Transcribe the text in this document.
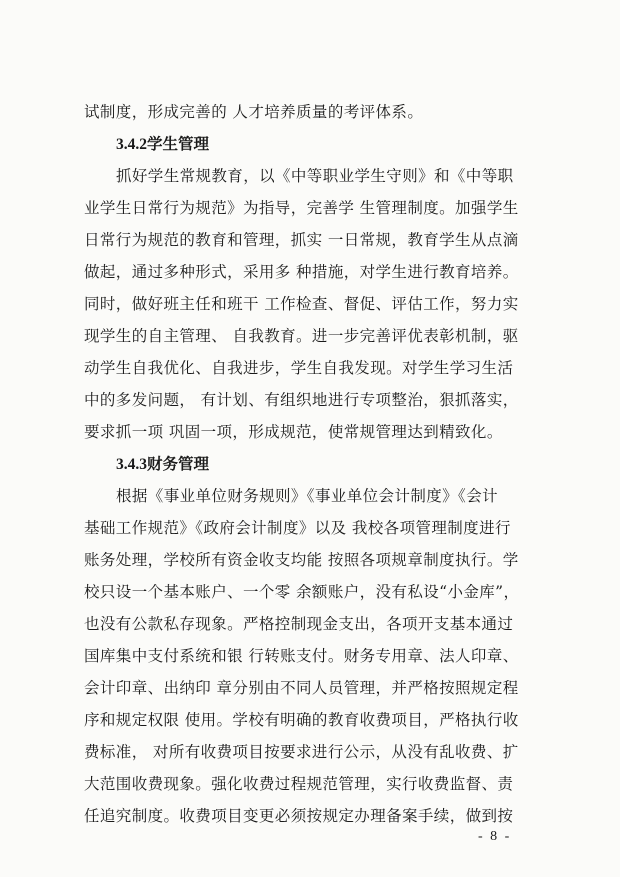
试制度，形成完善的 人才培养质量的考评体系。
3.4.2学生管理
抓好学生常规教育，以《中等职业学生守则》和《中等职
业学生日常行为规范》为指导，完善学 生管理制度。加强学生
日常行为规范的教育和管理，抓实 一日常规，教育学生从点滴
做起，通过多种形式，采用多 种措施，对学生进行教育培养。
同时，做好班主任和班干 工作检查、督促、评估工作，努力实
现学生的自主管理、 自我教育。进一步完善评优表彰机制，驱
动学生自我优化、自我进步，学生自我发现。对学生学习生活
中的多发问题， 有计划、有组织地进行专项整治，狠抓落实，
要求抓一项 巩固一项，形成规范，使常规管理达到精致化。
3.4.3财务管理
根据《事业单位财务规则》《事业单位会计制度》《会计
基础工作规范》《政府会计制度》以及 我校各项管理制度进行
账务处理，学校所有资金收支均能 按照各项规章制度执行。学
校只设一个基本账户、一个零 余额账户，没有私设“小金库”，
也没有公款私存现象。严格控制现金支出，各项开支基本通过
国库集中支付系统和银 行转账支付。财务专用章、法人印章、
会计印章、出纳印 章分别由不同人员管理，并严格按照规定程
序和规定权限 使用。学校有明确的教育收费项目，严格执行收
费标准， 对所有收费项目按要求进行公示，从没有乱收费、扩
大范围收费现象。强化收费过程规范管理，实行收费监督、责
任追究制度。收费项目变更必须按规定办理备案手续，做到按
- 8 -
